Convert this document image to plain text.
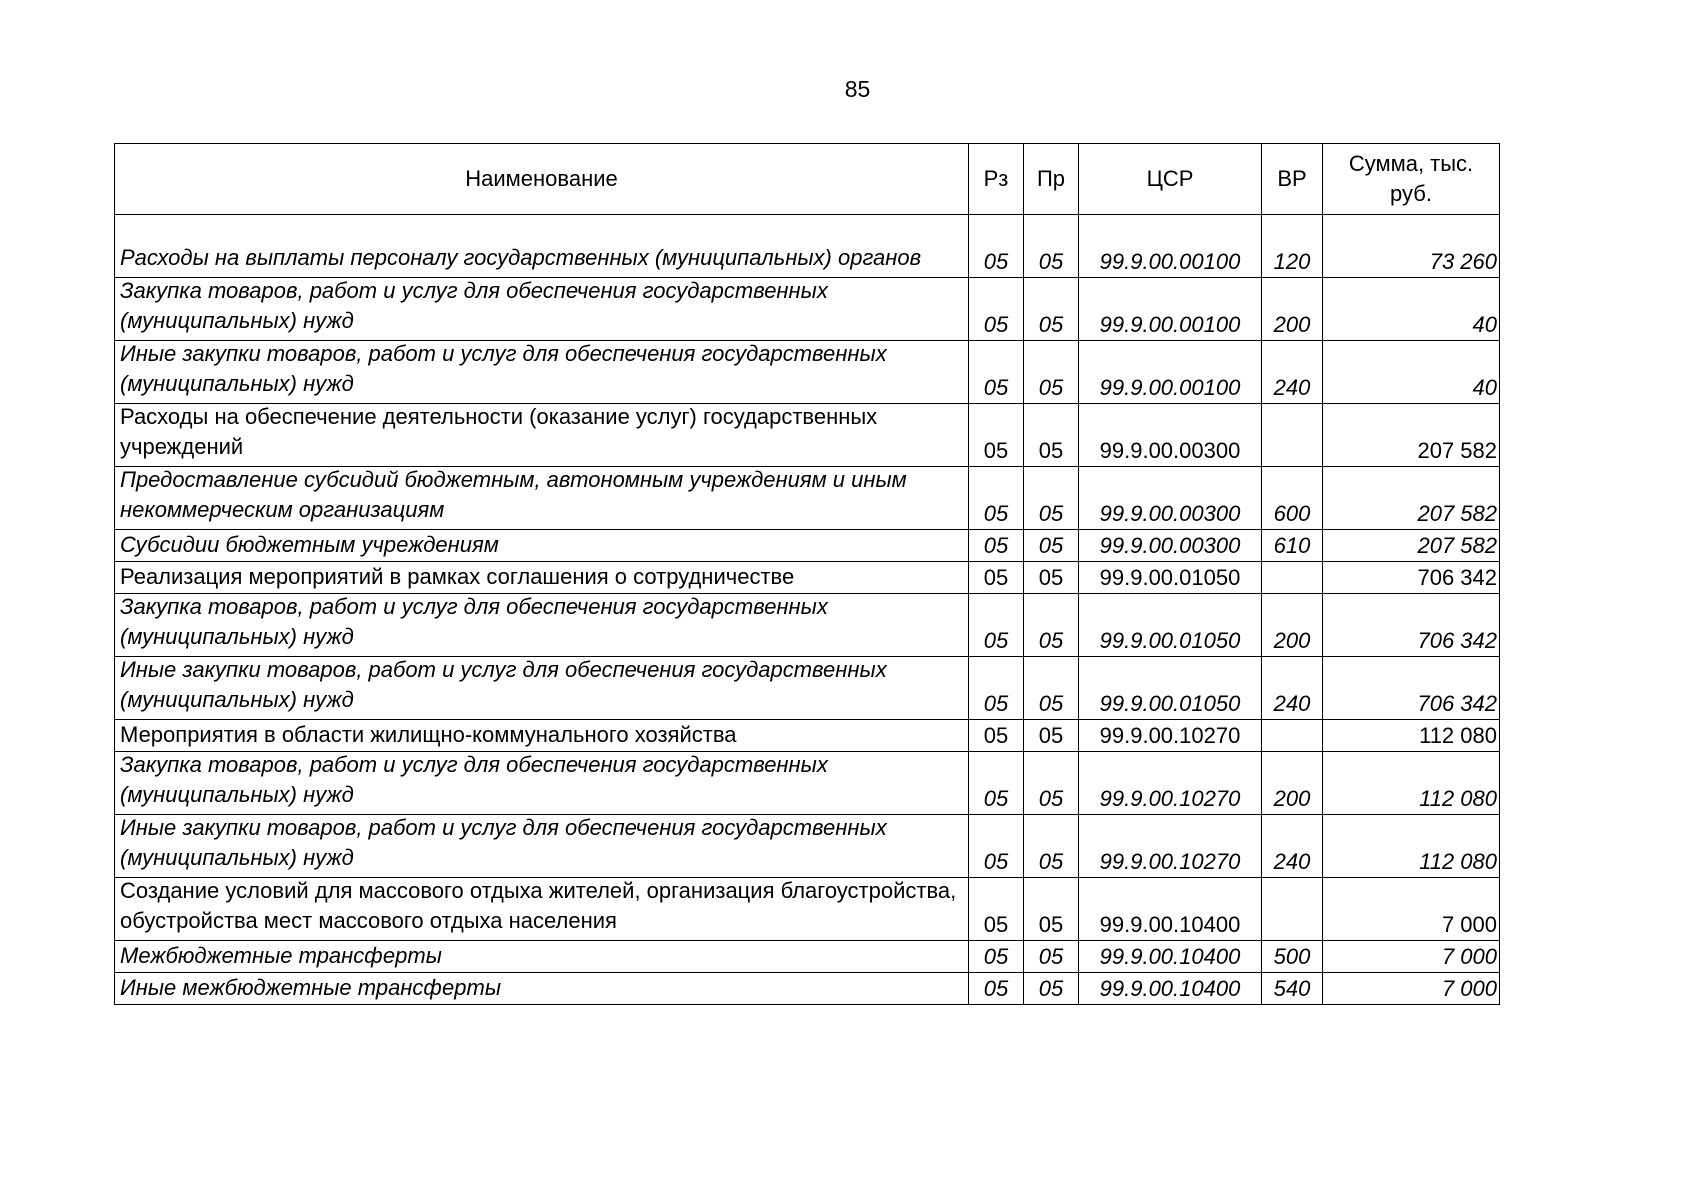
85
Наименование	Рз	Пр	ЦСР	ВР	Сумма, тыс. руб.

Расходы на выплаты персоналу государственных (муниципальных) органов	05	05	99.9.00.00100	120	73 260

Закупка товаров, работ и услуг для обеспечения государственных (муниципальных) нужд	05	05	99.9.00.00100	200	40

Иные закупки товаров, работ и услуг для обеспечения государственных (муниципальных) нужд	05	05	99.9.00.00100	240	40

Расходы на обеспечение деятельности (оказание услуг) государственных учреждений	05	05	99.9.00.00300		207 582

Предоставление субсидий бюджетным, автономным учреждениям и иным некоммерческим организациям	05	05	99.9.00.00300	600	207 582

Субсидии бюджетным учреждениям	05	05	99.9.00.00300	610	207 582

Реализация мероприятий в рамках соглашения о сотрудничестве	05	05	99.9.00.01050		706 342

Закупка товаров, работ и услуг для обеспечения государственных (муниципальных) нужд	05	05	99.9.00.01050	200	706 342

Иные закупки товаров, работ и услуг для обеспечения государственных (муниципальных) нужд	05	05	99.9.00.01050	240	706 342

Мероприятия в области жилищно-коммунального хозяйства	05	05	99.9.00.10270		112 080

Закупка товаров, работ и услуг для обеспечения государственных (муниципальных) нужд	05	05	99.9.00.10270	200	112 080

Иные закупки товаров, работ и услуг для обеспечения государственных (муниципальных) нужд	05	05	99.9.00.10270	240	112 080

Создание условий для массового отдыха жителей, организация благоустройства, обустройства мест массового отдыха населения	05	05	99.9.00.10400		7 000

Межбюджетные трансферты	05	05	99.9.00.10400	500	7 000

Иные межбюджетные трансферты	05	05	99.9.00.10400	540	7 000
